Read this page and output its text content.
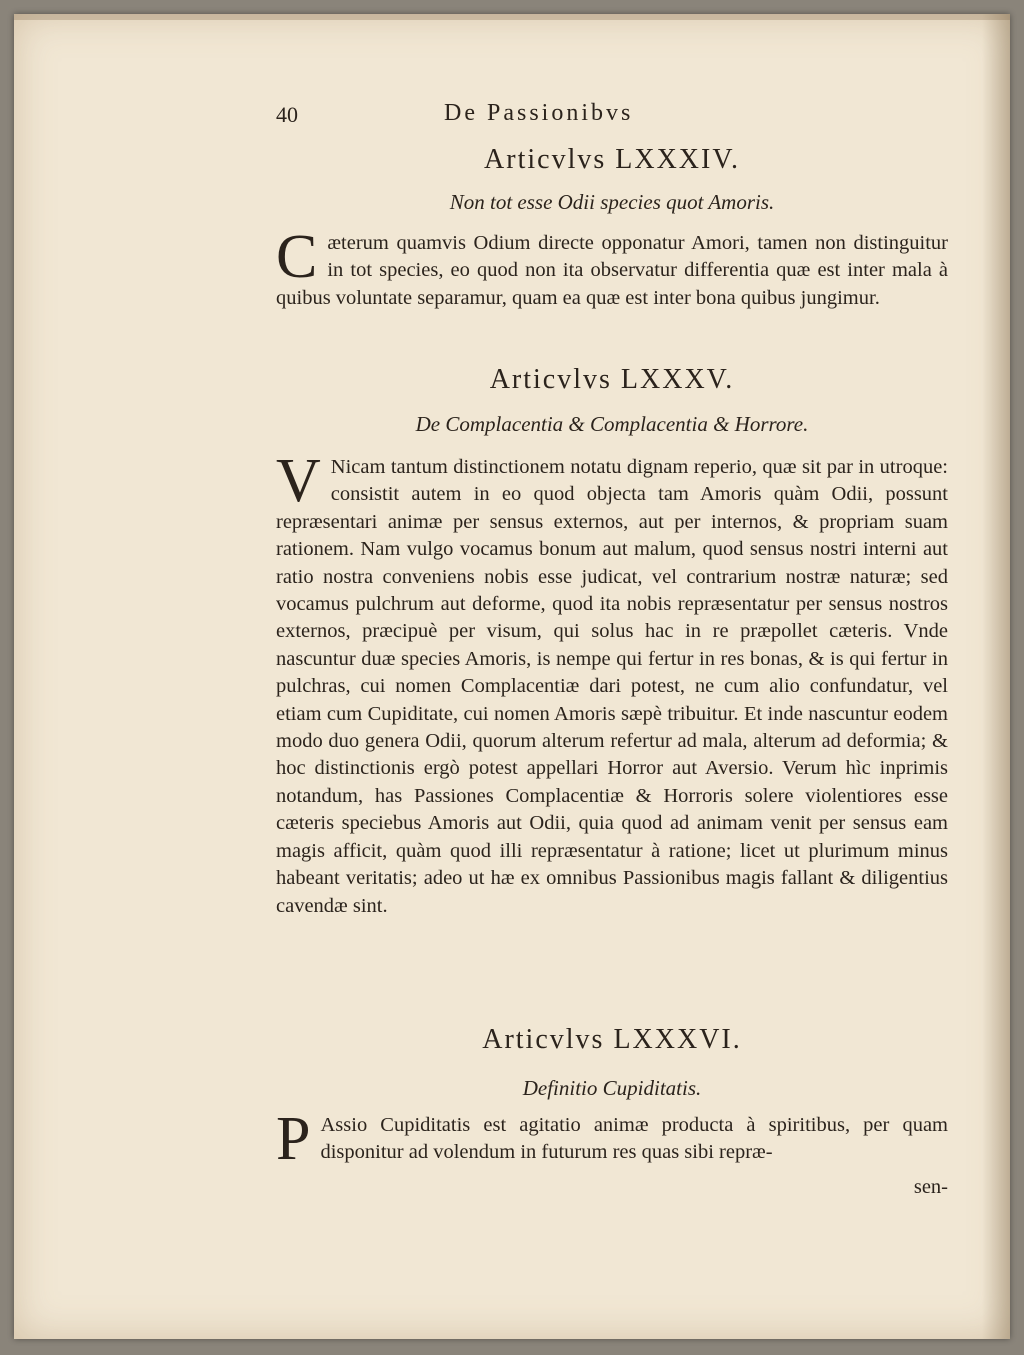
40	De Passionibvs
Articvlvs LXXXIV.
Non tot esse Odii species quot Amoris.
C æterum quamvis Odium directe opponatur Amori, tamen non distinguitur in tot species, eo quod non ita observatur differentia quæ est inter mala à quibus voluntate separamur, quam ea quæ est inter bona quibus jungimur.
Articvlvs LXXXV.
De Complacentia & Complacentia & Horrore.
V Nicam tantum distinctionem notatu dignam reperio, quæ sit par in utroque: consistit autem in eo quod objecta tam Amoris quàm Odii, possunt repræsentari animæ per sensus externos, aut per internos, & propriam suam rationem. Nam vulgo vocamus bonum aut malum, quod sensus nostri interni aut ratio nostra conveniens nobis esse judicat, vel contrarium nostræ naturæ; sed vocamus pulchrum aut deforme, quod ita nobis repræsentatur per sensus nostros externos, præcipuè per visum, qui solus hac in re præpollet cæteris. Vnde nascuntur duæ species Amoris, is nempe qui fertur in res bonas, & is qui fertur in pulchras, cui nomen Complacentiæ dari potest, ne cum alio confundatur, vel etiam cum Cupiditate, cui nomen Amoris sæpè tribuitur. Et inde nascuntur eodem modo duo genera Odii, quorum alterum refertur ad mala, alterum ad deformia; & hoc distinctionis ergò potest appellari Horror aut Aversio. Verum hìc inprimis notandum, has Passiones Complacentiæ & Horroris solere violentiores esse cæteris speciebus Amoris aut Odii, quia quod ad animam venit per sensus eam magis afficit, quàm quod illi repræsentatur à ratione; licet ut plurimum minus habeant veritatis; adeo ut hæ ex omnibus Passionibus magis fallant & diligentius cavendæ sint.
Articvlvs LXXXVI.
Definitio Cupiditatis.
P Assio Cupiditatis est agitatio animæ producta à spiritibus, per quam disponitur ad volendum in futurum res quas sibi repræ-
sen-
